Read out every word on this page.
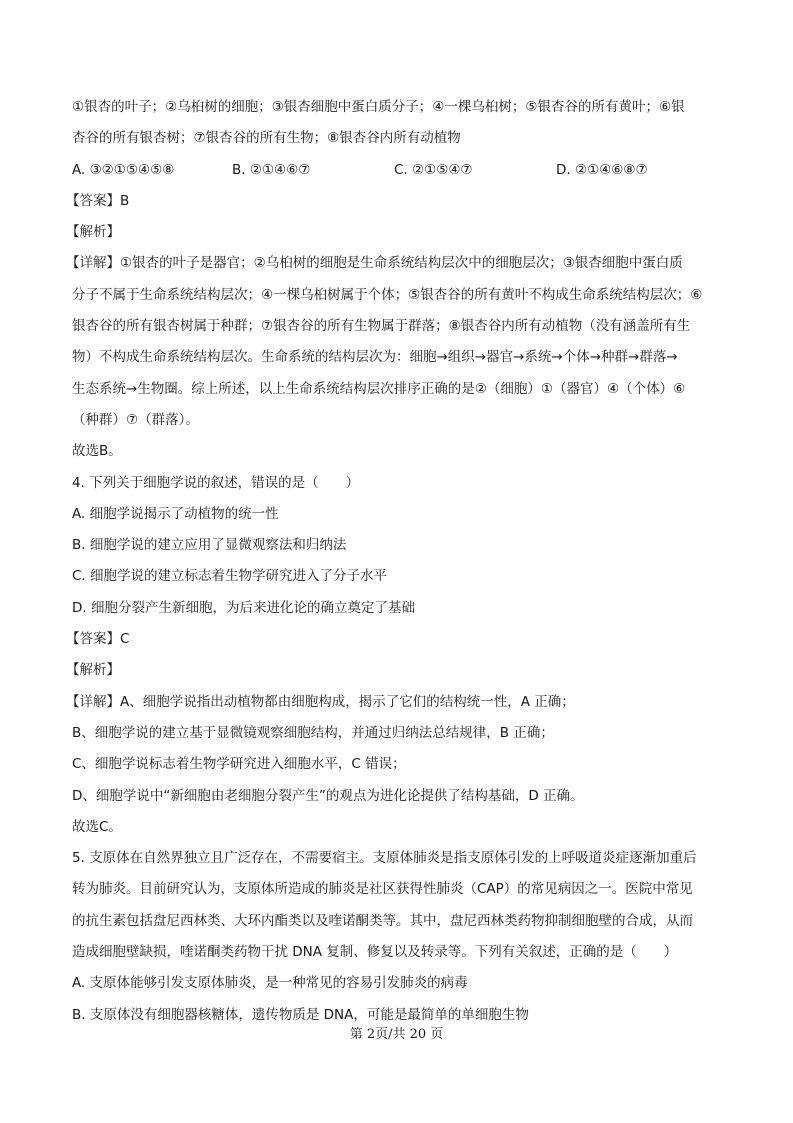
①银杏的叶子；②乌桕树的细胞；③银杏细胞中蛋白质分子；④一棵乌桕树；⑤银杏谷的所有黄叶；⑥银

杏谷的所有银杏树；⑦银杏谷的所有生物；⑧银杏谷内所有动植物

A. ③②①⑤④⑤⑧	B. ②①④⑥⑦	C. ②①⑤④⑦	D. ②①④⑥⑧⑦

【答案】B

【解析】

【详解】①银杏的叶子是器官；②乌桕树的细胞是生命系统结构层次中的细胞层次；③银杏细胞中蛋白质

分子不属于生命系统结构层次；④一棵乌桕树属于个体；⑤银杏谷的所有黄叶不构成生命系统结构层次；⑥

银杏谷的所有银杏树属于种群；⑦银杏谷的所有生物属于群落；⑧银杏谷内所有动植物（没有涵盖所有生

物）不构成生命系统结构层次。生命系统的结构层次为：细胞→组织→器官→系统→个体→种群→群落→

生态系统→生物圈。综上所述，以上生命系统结构层次排序正确的是②（细胞）①（器官）④（个体）⑥

（种群）⑦（群落）。

故选B。

4. 下列关于细胞学说的叙述，错误的是（　　）

A. 细胞学说揭示了动植物的统一性

B. 细胞学说的建立应用了显微观察法和归纳法

C. 细胞学说的建立标志着生物学研究进入了分子水平

D. 细胞分裂产生新细胞，为后来进化论的确立奠定了基础

【答案】C

【解析】

【详解】A、细胞学说指出动植物都由细胞构成，揭示了它们的结构统一性，A 正确；

B、细胞学说的建立基于显微镜观察细胞结构，并通过归纳法总结规律，B 正确；

C、细胞学说标志着生物学研究进入细胞水平，C 错误；

D、细胞学说中“新细胞由老细胞分裂产生”的观点为进化论提供了结构基础，D 正确。

故选C。

5. 支原体在自然界独立且广泛存在，不需要宿主。支原体肺炎是指支原体引发的上呼吸道炎症逐渐加重后

转为肺炎。目前研究认为，支原体所造成的肺炎是社区获得性肺炎（CAP）的常见病因之一。医院中常见

的抗生素包括盘尼西林类、大环内酯类以及喹诺酮类等。其中，盘尼西林类药物抑制细胞壁的合成，从而

造成细胞壁缺损，喹诺酮类药物干扰 DNA 复制、修复以及转录等。下列有关叙述，正确的是（　　）

A. 支原体能够引发支原体肺炎，是一种常见的容易引发肺炎的病毒

B. 支原体没有细胞器核糖体，遗传物质是 DNA，可能是最简单的单细胞生物

第 2页/共 20 页
